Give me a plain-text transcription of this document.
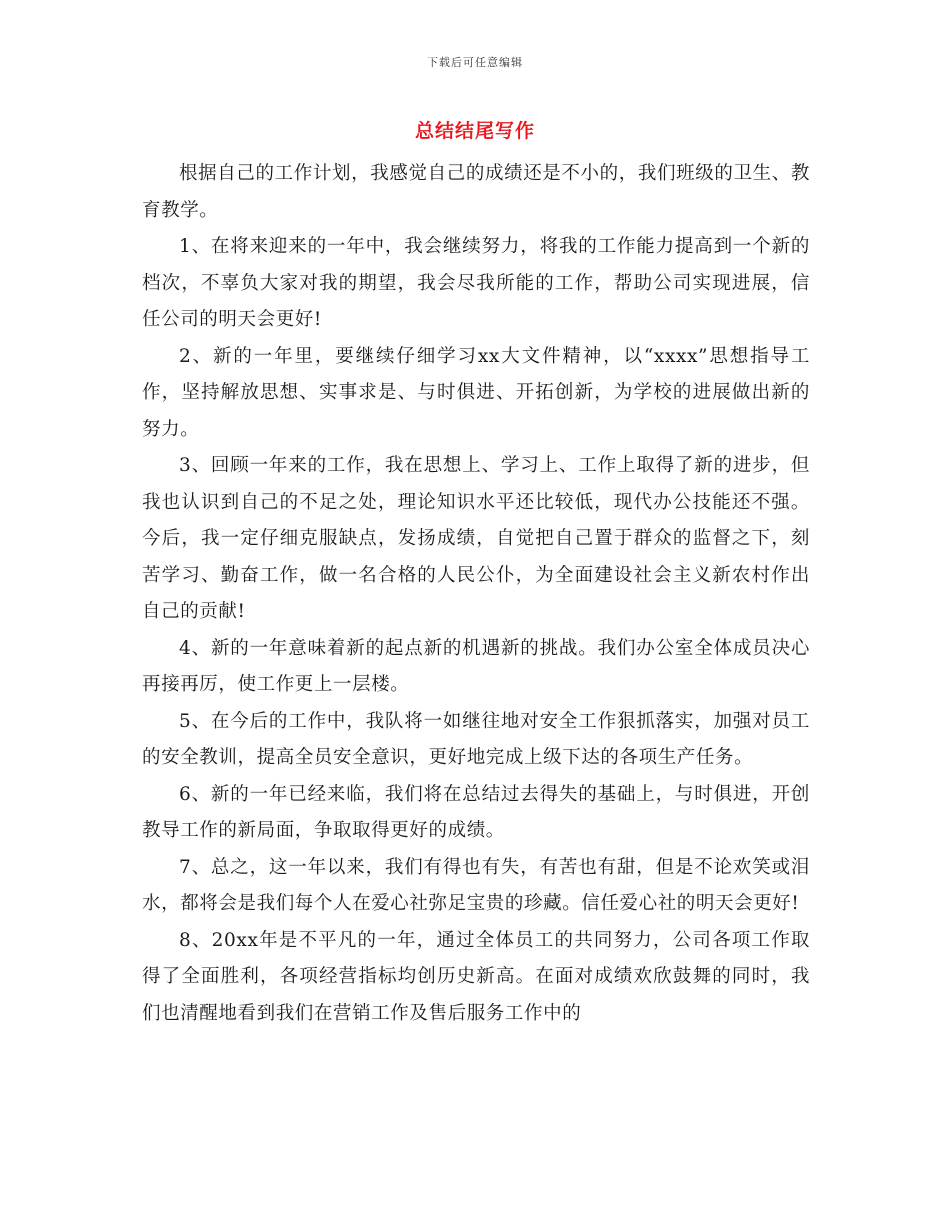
下载后可任意编辑
总结结尾写作

根据自己的工作计划，我感觉自己的成绩还是不小的，我们班级的卫生、教育教学。

1、在将来迎来的一年中，我会继续努力，将我的工作能力提高到一个新的档次，不辜负大家对我的期望，我会尽我所能的工作，帮助公司实现进展，信任公司的明天会更好!

2、新的一年里，要继续仔细学习xx大文件精神，以“xxxx”思想指导工作，坚持解放思想、实事求是、与时俱进、开拓创新，为学校的进展做出新的努力。

3、回顾一年来的工作，我在思想上、学习上、工作上取得了新的进步，但我也认识到自己的不足之处，理论知识水平还比较低，现代办公技能还不强。今后，我一定仔细克服缺点，发扬成绩，自觉把自己置于群众的监督之下，刻苦学习、勤奋工作，做一名合格的人民公仆，为全面建设社会主义新农村作出自己的贡献!

4、新的一年意味着新的起点新的机遇新的挑战。我们办公室全体成员决心再接再厉，使工作更上一层楼。

5、在今后的工作中，我队将一如继往地对安全工作狠抓落实，加强对员工的安全教训，提高全员安全意识，更好地完成上级下达的各项生产任务。

6、新的一年已经来临，我们将在总结过去得失的基础上，与时俱进，开创教导工作的新局面，争取取得更好的成绩。

7、总之，这一年以来，我们有得也有失，有苦也有甜，但是不论欢笑或泪水，都将会是我们每个人在爱心社弥足宝贵的珍藏。信任爱心社的明天会更好!

8、20xx年是不平凡的一年，通过全体员工的共同努力，公司各项工作取得了全面胜利，各项经营指标均创历史新高。在面对成绩欢欣鼓舞的同时，我们也清醒地看到我们在营销工作及售后服务工作中的
